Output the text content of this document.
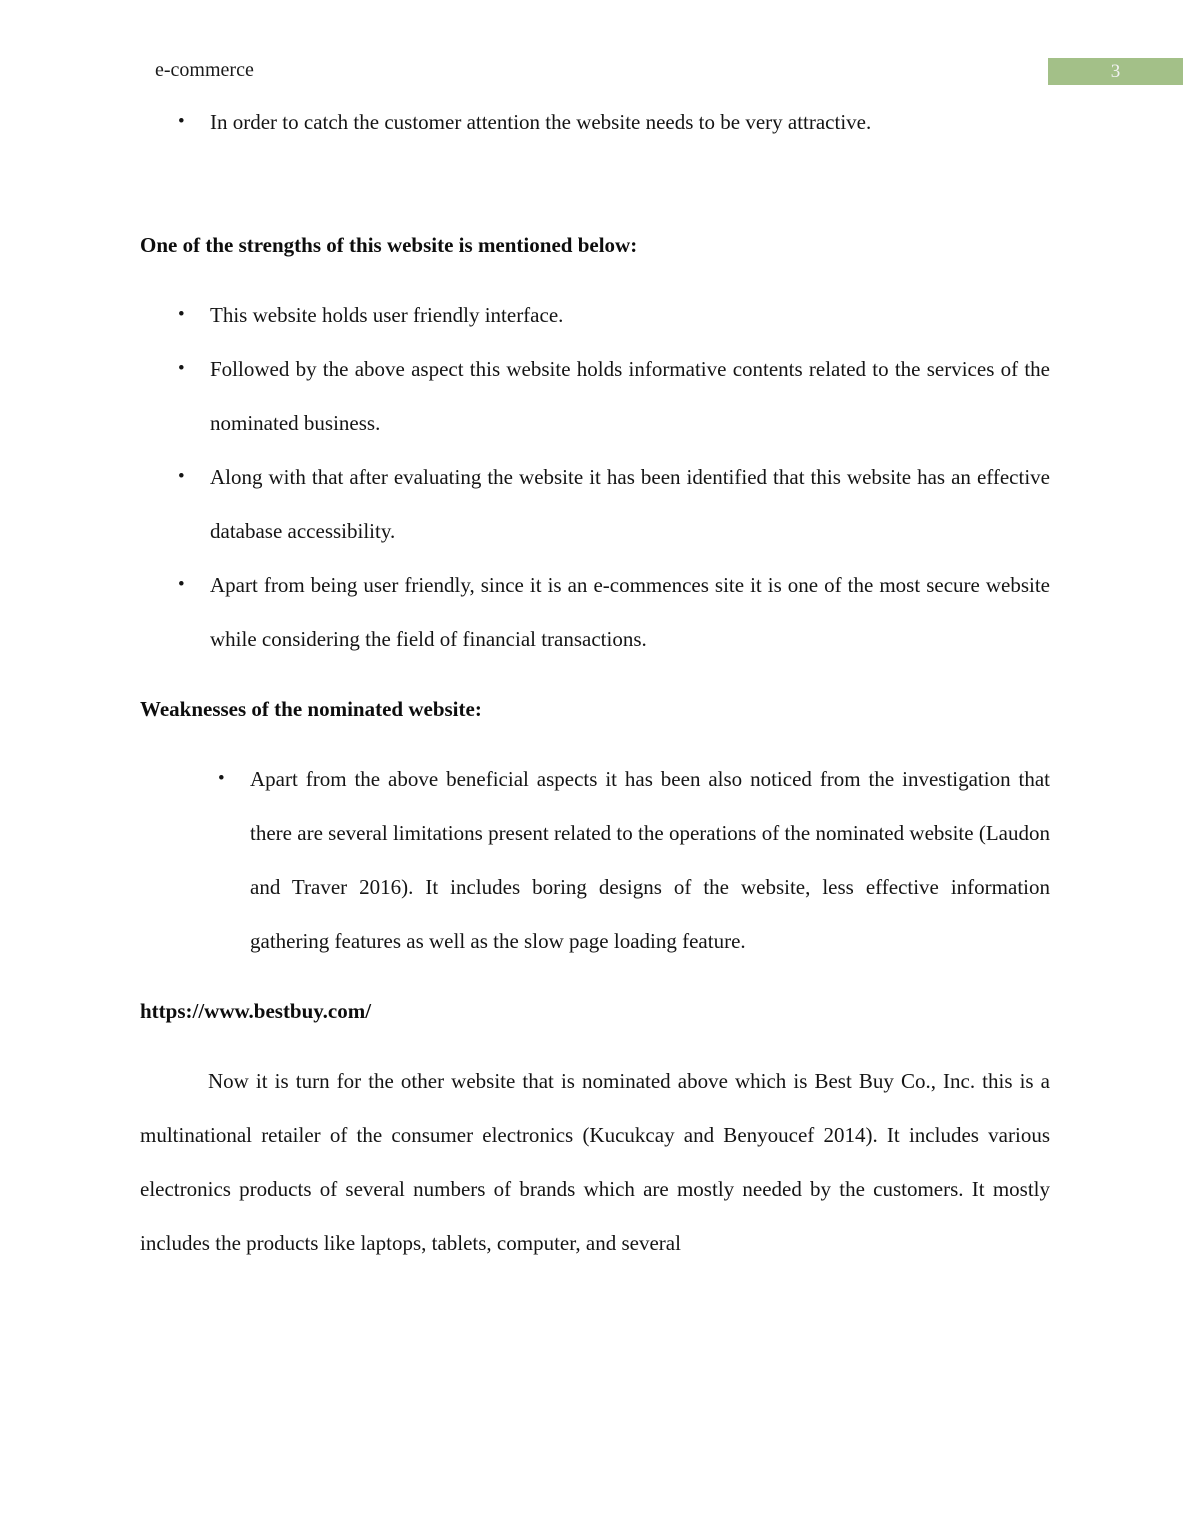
e-commerce	3
• In order to catch the customer attention the website needs to be very attractive.
One of the strengths of this website is mentioned below:
• This website holds user friendly interface.
• Followed by the above aspect this website holds informative contents related to the services of the nominated business.
• Along with that after evaluating the website it has been identified that this website has an effective database accessibility.
• Apart from being user friendly, since it is an e-commences site it is one of the most secure website while considering the field of financial transactions.
Weaknesses of the nominated website:
• Apart from the above beneficial aspects it has been also noticed from the investigation that there are several limitations present related to the operations of the nominated website (Laudon and Traver 2016). It includes boring designs of the website, less effective information gathering features as well as the slow page loading feature.

https://www.bestbuy.com/

Now it is turn for the other website that is nominated above which is Best Buy Co., Inc. this is a multinational retailer of the consumer electronics (Kucukcay and Benyoucef 2014). It includes various electronics products of several numbers of brands which are mostly needed by the customers. It mostly includes the products like laptops, tablets, computer, and several
